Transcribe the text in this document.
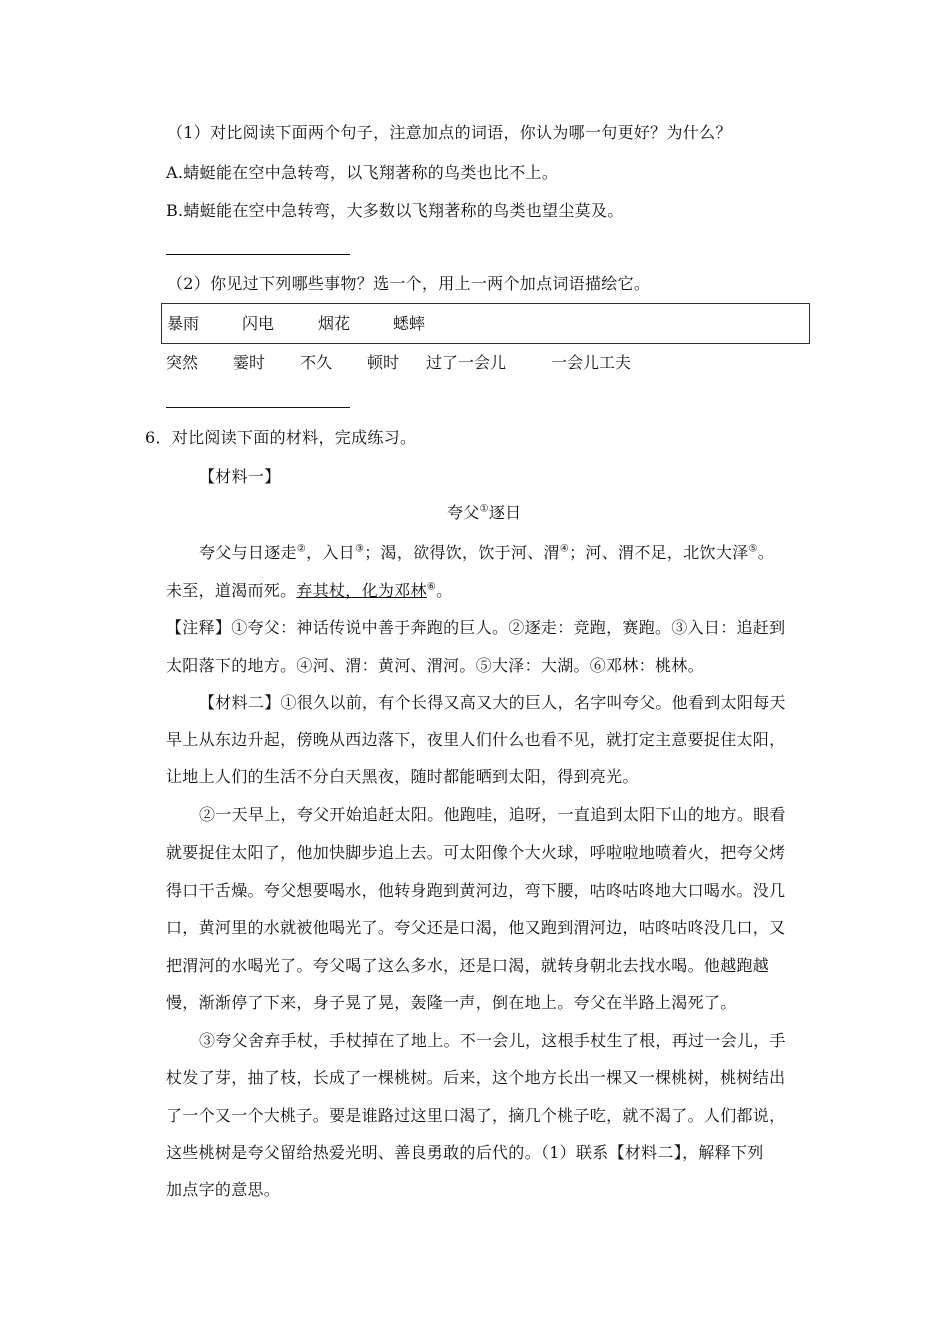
（1）对比阅读下面两个句子，注意加点的词语，你认为哪一句更好？为什么？
A.蜻蜓能在空中急转弯，以飞翔著称的鸟类也比不上。
B.蜻蜓能在空中急转弯，大多数以飞翔著称的鸟类也望尘莫及。
（2）你见过下列哪些事物？选一个，用上一两个加点词语描绘它。
暴雨	闪电	烟花	蟋蟀
突然 霎时 不久 顿时 过了一会儿	一会儿工夫
6．对比阅读下面的材料，完成练习。
【材料一】
夸父①逐日
夸父与日逐走②，入日③；渴，欲得饮，饮于河、渭④；河、渭不足，北饮大泽⑤。
未至，道渴而死。弃其杖，化为邓林⑥。
【注释】①夸父：神话传说中善于奔跑的巨人。②逐走：竞跑，赛跑。③入日：追赶到
太阳落下的地方。④河、渭：黄河、渭河。⑤大泽：大湖。⑥邓林：桃林。
【材料二】①很久以前，有个长得又高又大的巨人，名字叫夸父。他看到太阳每天
早上从东边升起，傍晚从西边落下，夜里人们什么也看不见，就打定主意要捉住太阳，
让地上人们的生活不分白天黑夜，随时都能晒到太阳，得到亮光。
②一天早上，夸父开始追赶太阳。他跑哇，追呀，一直追到太阳下山的地方。眼看
就要捉住太阳了，他加快脚步追上去。可太阳像个大火球，呼啦啦地喷着火，把夸父烤
得口干舌燥。夸父想要喝水，他转身跑到黄河边，弯下腰，咕咚咕咚地大口喝水。没几
口，黄河里的水就被他喝光了。夸父还是口渴，他又跑到渭河边，咕咚咕咚没几口，又
把渭河的水喝光了。夸父喝了这么多水，还是口渴，就转身朝北去找水喝。他越跑越
慢，渐渐停了下来，身子晃了晃，轰隆一声，倒在地上。夸父在半路上渴死了。
③夸父舍弃手杖，手杖掉在了地上。不一会儿，这根手杖生了根，再过一会儿，手
杖发了芽，抽了枝，长成了一棵桃树。后来，这个地方长出一棵又一棵桃树，桃树结出
了一个又一个大桃子。要是谁路过这里口渴了，摘几个桃子吃，就不渴了。人们都说，
这些桃树是夸父留给热爱光明、善良勇敢的后代的。（1）联系【材料二】，解释下列
加点字的意思。
